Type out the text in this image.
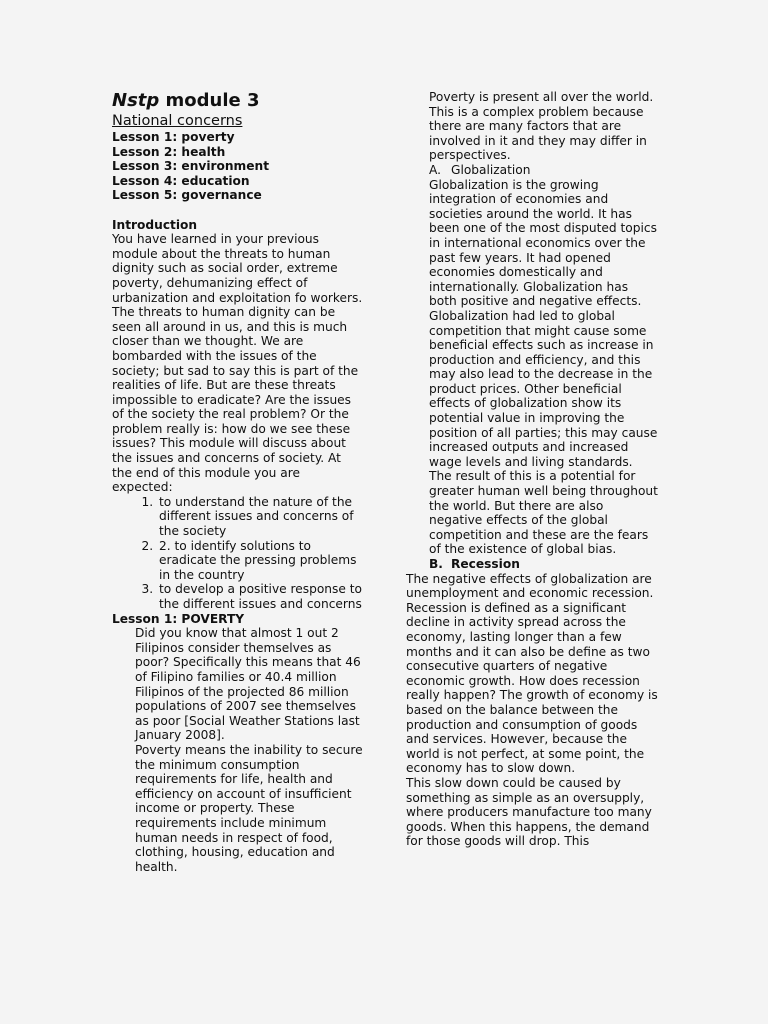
Nstp module 3
National concerns
Lesson 1: poverty
Lesson 2: health
Lesson 3: environment
Lesson 4: education
Lesson 5: governance
Introduction

You have learned in your previous module about the threats to human dignity such as social order, extreme poverty, dehumanizing effect of urbanization and exploitation fo workers. The threats to human dignity can be seen all around in us, and this is much closer than we thought. We are bombarded with the issues of the society; but sad to say this is part of the realities of life. But are these threats impossible to eradicate? Are the issues of the society the real problem? Or the problem really is: how do we see these issues? This module will discuss about the issues and concerns of society. At the end of this module you are expected:

1. to understand the nature of the different issues and concerns of the society
2. 2. to identify solutions to eradicate the pressing problems in the country
3. to develop a positive response to the different issues and concerns
Lesson 1: POVERTY

Did you know that almost 1 out 2 Filipinos consider themselves as poor? Specifically this means that 46 of Filipino families or 40.4 million Filipinos of the projected 86 million populations of 2007 see themselves as poor [Social Weather Stations last January 2008].

Poverty means the inability to secure the minimum consumption requirements for life, health and efficiency on account of insufficient income or property. These requirements include minimum human needs in respect of food, clothing, housing, education and health.

Poverty is present all over the world. This is a complex problem because there are many factors that are involved in it and they may differ in perspectives.

A. Globalization

Globalization is the growing integration of economies and societies around the world. It has been one of the most disputed topics in international economics over the past few years. It had opened economies domestically and internationally. Globalization has both positive and negative effects.

Globalization had led to global competition that might cause some beneficial effects such as increase in production and efficiency, and this may also lead to the decrease in the product prices. Other beneficial effects of globalization show its potential value in improving the position of all parties; this may cause increased outputs and increased wage levels and living standards. The result of this is a potential for greater human well being throughout the world. But there are also negative effects of the global competition and these are the fears of the existence of global bias.

B. Recession

The negative effects of globalization are unemployment and economic recession. Recession is defined as a significant decline in activity spread across the economy, lasting longer than a few months and it can also be define as two consecutive quarters of negative economic growth. How does recession really happen? The growth of economy is based on the balance between the production and consumption of goods and services. However, because the world is not perfect, at some point, the economy has to slow down.

This slow down could be caused by something as simple as an oversupply, where producers manufacture too many goods. When this happens, the demand for those goods will drop. This
